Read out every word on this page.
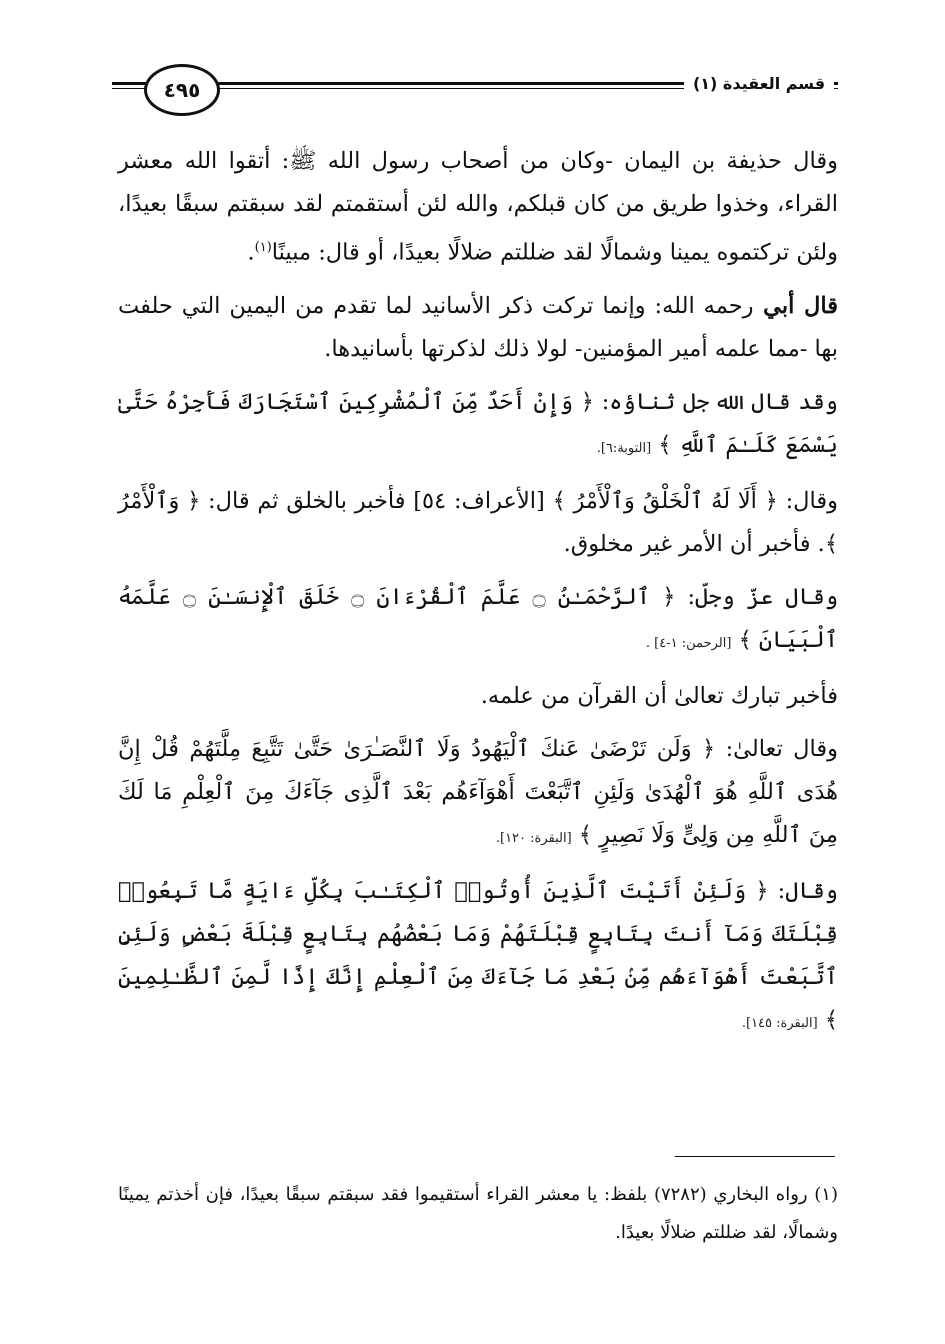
٤٩٥	قسم العقيدة (١)

وقال حذيفة بن اليمان -وكان من أصحاب رسول الله ﷺ: أتقوا الله معشر القراء، وخذوا طريق من كان قبلكم، والله لئن أستقمتم لقد سبقتم سبقًا بعيدًا، ولئن تركتموه يمينا وشمالًا لقد ضللتم ضلالًا بعيدًا، أو قال: مبينًا$^{(١)}$.

قال أبي رحمه الله: وإنما تركت ذكر الأسانيد لما تقدم من اليمين التي حلفت بها -مما علمه أمير المؤمنين- لولا ذلك لذكرتها بأسانيدها.

وقد قال الله جل ثناؤه: ﴿ وَإِنْ أَحَدٌ مِّنَ ٱلْمُشْرِكِينَ ٱسْتَجَارَكَ فَأَجِرْهُ حَتَّىٰ يَسْمَعَ كَلَـٰمَ ٱللَّهِ ﴾ [التوبة:٦].

وقال: ﴿ أَلَا لَهُ ٱلْخَلْقُ وَٱلْأَمْرُ ﴾ [الأعراف: ٥٤] فأخبر بالخلق ثم قال: ﴿ وَٱلْأَمْرُ ﴾. فأخبر أن الأمر غير مخلوق.

وقال عزّ وجلّ: ﴿ ٱلرَّحْمَـٰنُ ۝ عَلَّمَ ٱلْقُرْءَانَ ۝ خَلَقَ ٱلْإِنسَـٰنَ ۝ عَلَّمَهُ ٱلْبَيَانَ ﴾ [الرحمن: ١-٤] .

فأخبر تبارك تعالىٰ أن القرآن من علمه.

وقال تعالىٰ: ﴿ وَلَن تَرْضَىٰ عَنكَ ٱلْيَهُودُ وَلَا ٱلنَّصَـٰرَىٰ حَتَّىٰ تَتَّبِعَ مِلَّتَهُمْ قُلْ إِنَّ هُدَى ٱللَّهِ هُوَ ٱلْهُدَىٰ وَلَئِنِ ٱتَّبَعْتَ أَهْوَآءَهُم بَعْدَ ٱلَّذِى جَآءَكَ مِنَ ٱلْعِلْمِ مَا لَكَ مِنَ ٱللَّهِ مِن وَلِىٍّ وَلَا نَصِيرٍ ﴾ [البقرة: ١٢٠].

وقال: ﴿ وَلَئِنْ أَتَيْتَ ٱلَّذِينَ أُوتُوا۟ ٱلْكِتَـٰبَ بِكُلِّ ءَايَةٍ مَّا تَبِعُوا۟ قِبْلَتَكَ وَمَآ أَنتَ بِتَابِعٍ قِبْلَتَهُمْ وَمَا بَعْضُهُم بِتَابِعٍ قِبْلَةَ بَعْضٍ وَلَئِنِ ٱتَّبَعْتَ أَهْوَآءَهُم مِّنۢ بَعْدِ مَا جَآءَكَ مِنَ ٱلْعِلْمِ إِنَّكَ إِذًا لَّمِنَ ٱلظَّـٰلِمِينَ ﴾ [البقرة: ١٤٥].

(١) رواه البخاري (٧٢٨٢) بلفظ: يا معشر القراء أستقيموا فقد سبقتم سبقًا بعيدًا، فإن أخذتم يمينًا وشمالًا، لقد ضللتم ضلالًا بعيدًا.
